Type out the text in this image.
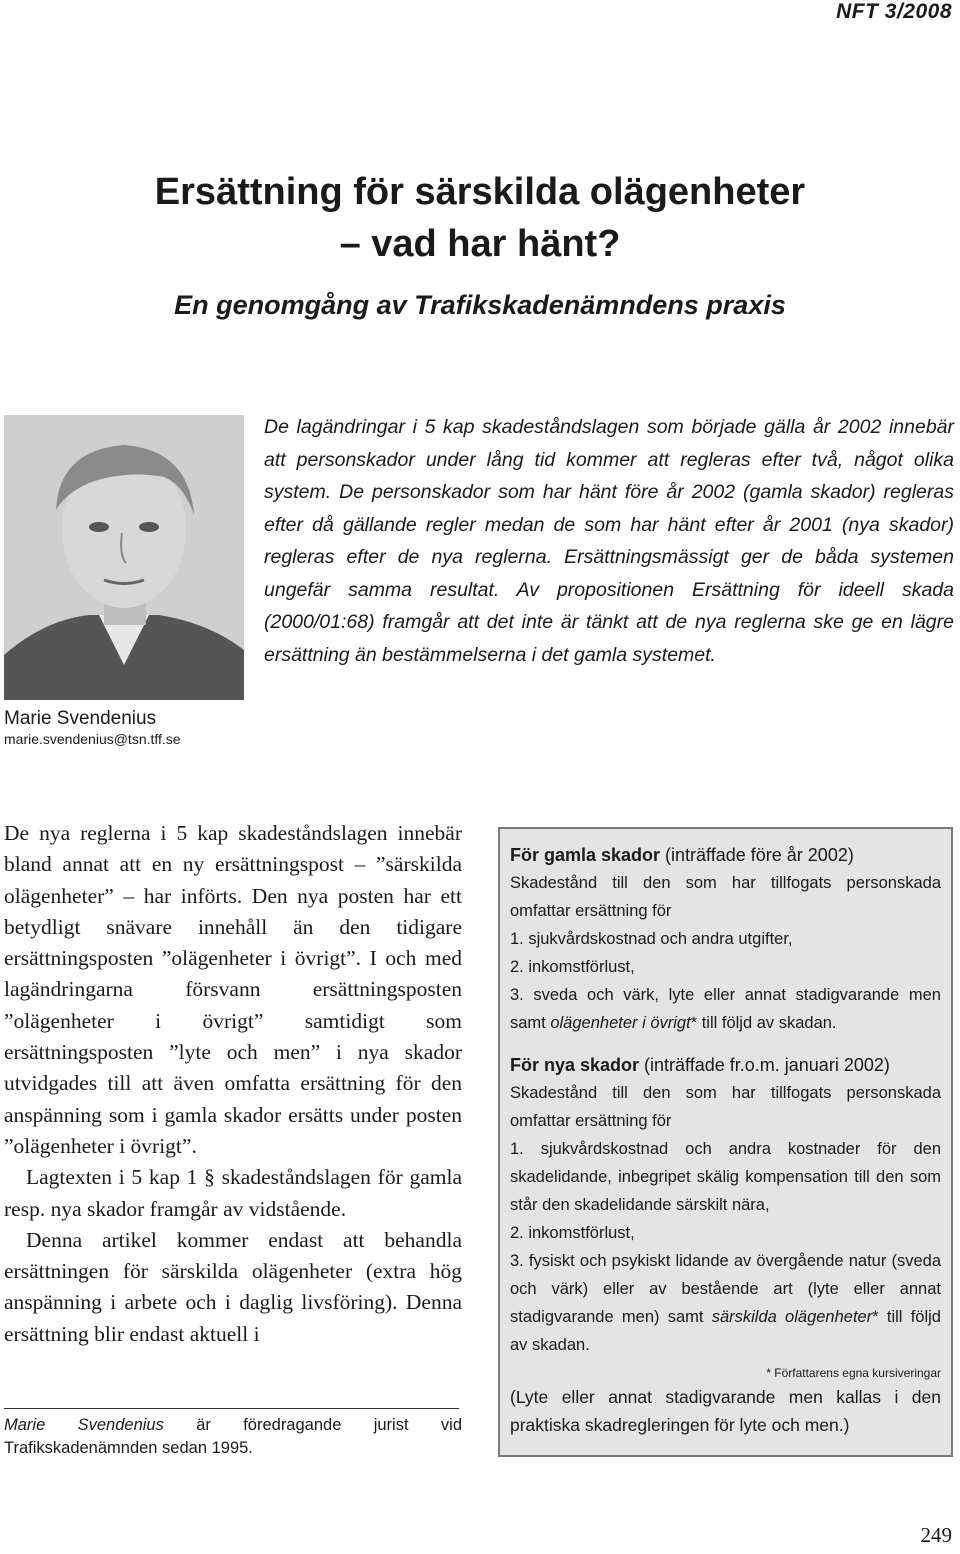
NFT 3/2008
Ersättning för särskilda olägenheter
– vad har hänt?
En genomgång av Trafikskadenämndens praxis
Marie Svendenius
marie.svendenius@tsn.tff.se
De lagändringar i 5 kap skadeståndslagen som började gälla år 2002 innebär att personskador under lång tid kommer att regleras efter två, något olika system. De personskador som har hänt före år 2002 (gamla skador) regleras efter då gällande regler medan de som har hänt efter år 2001 (nya skador) regleras efter de nya reglerna. Ersättningsmässigt ger de båda systemen ungefär samma resultat. Av propositionen Ersättning för ideell skada (2000/01:68) framgår att det inte är tänkt att de nya reglerna ske ge en lägre ersättning än bestämmelserna i det gamla systemet.

De nya reglerna i 5 kap skadeståndslagen innebär bland annat att en ny ersättningspost – ”särskilda olägenheter” – har införts. Den nya posten har ett betydligt snävare innehåll än den tidigare ersättningsposten ”olägenheter i övrigt”. I och med lagändringarna försvann ersättningsposten ”olägenheter i övrigt” samtidigt som ersättningsposten ”lyte och men” i nya skador utvidgades till att även omfatta ersättning för den anspänning som i gamla skador ersätts under posten ”olägenheter i övrigt”.

Lagtexten i 5 kap 1 § skadeståndslagen för gamla resp. nya skador framgår av vidstående.

Denna artikel kommer endast att behandla ersättningen för särskilda olägenheter (extra hög anspänning i arbete och i daglig livsföring). Denna ersättning blir endast aktuell i

Marie Svendenius är föredragande jurist vid Trafikskadenämnden sedan 1995.

För gamla skador (inträffade före år 2002)

Skadestånd till den som har tillfogats personskada omfattar ersättning för

1. sjukvårdskostnad och andra utgifter,

2. inkomstförlust,

3. sveda och värk, lyte eller annat stadigvarande men samt olägenheter i övrigt* till följd av skadan.

För nya skador (inträffade fr.o.m. januari 2002)

Skadestånd till den som har tillfogats personskada omfattar ersättning för

1. sjukvårdskostnad och andra kostnader för den skadelidande, inbegripet skälig kompensation till den som står den skadelidande särskilt nära,

2. inkomstförlust,

3. fysiskt och psykiskt lidande av övergående natur (sveda och värk) eller av bestående art (lyte eller annat stadigvarande men) samt särskilda olägenheter* till följd av skadan.

* Författarens egna kursiveringar

(Lyte eller annat stadigvarande men kallas i den praktiska skadregleringen för lyte och men.)

249
